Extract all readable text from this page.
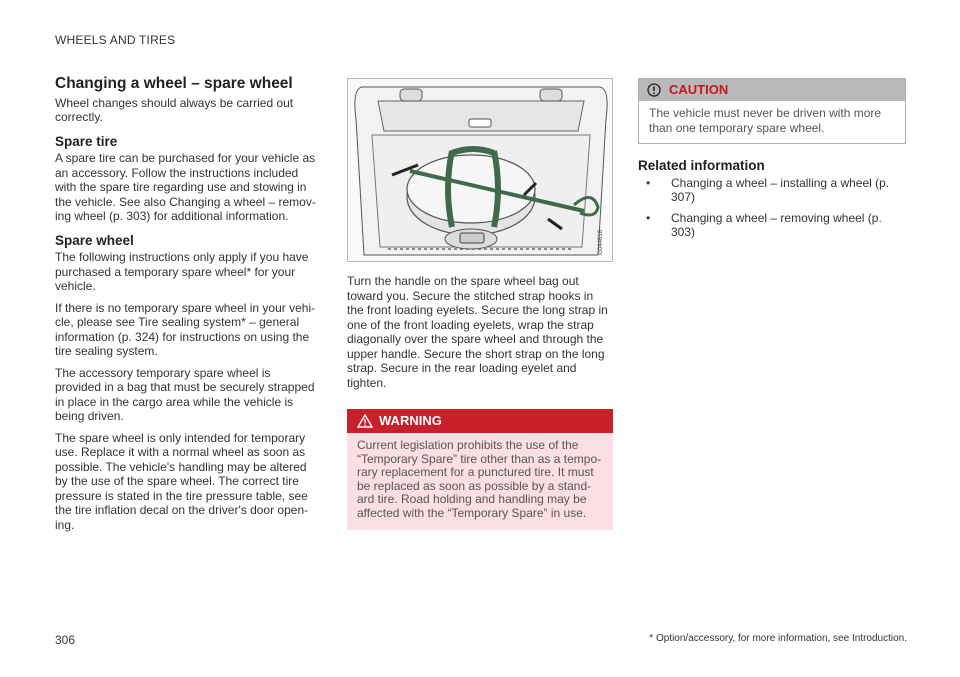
WHEELS AND TIRES
Changing a wheel – spare wheel

Wheel changes should always be carried out correctly.

Spare tire

A spare tire can be purchased for your vehicle as an accessory. Follow the instructions included with the spare tire regarding use and stowing in the vehicle. See also Changing a wheel – remov-ing wheel (p. 303) for additional information.

Spare wheel

The following instructions only apply if you have purchased a temporary spare wheel* for your vehicle.

If there is no temporary spare wheel in your vehi-cle, please see Tire sealing system* – general information (p. 324) for instructions on using the tire sealing system.

The accessory temporary spare wheel is provided in a bag that must be securely strapped in place in the cargo area while the vehicle is being driven.

The spare wheel is only intended for temporary use. Replace it with a normal wheel as soon as possible. The vehicle's handling may be altered by the use of the spare wheel. The correct tire pressure is stated in the tire pressure table, see the tire inflation decal on the driver's door open-ing.

G044618

Turn the handle on the spare wheel bag out toward you. Secure the stitched strap hooks in the front loading eyelets. Secure the long strap in one of the front loading eyelets, wrap the strap diagonally over the spare wheel and through the upper handle. Secure the short strap on the long strap. Secure in the rear loading eyelet and tighten.

WARNING
Current legislation prohibits the use of the “Temporary Spare” tire other than as a tempo-rary replacement for a punctured tire. It must be replaced as soon as possible by a stand-ard tire. Road holding and handling may be affected with the “Temporary Spare” in use.
CAUTION
The vehicle must never be driven with more than one temporary spare wheel.
Related information
• Changing a wheel – installing a wheel (p. 307)
• Changing a wheel – removing wheel (p. 303)
306	* Option/accessory, for more information, see Introduction.
